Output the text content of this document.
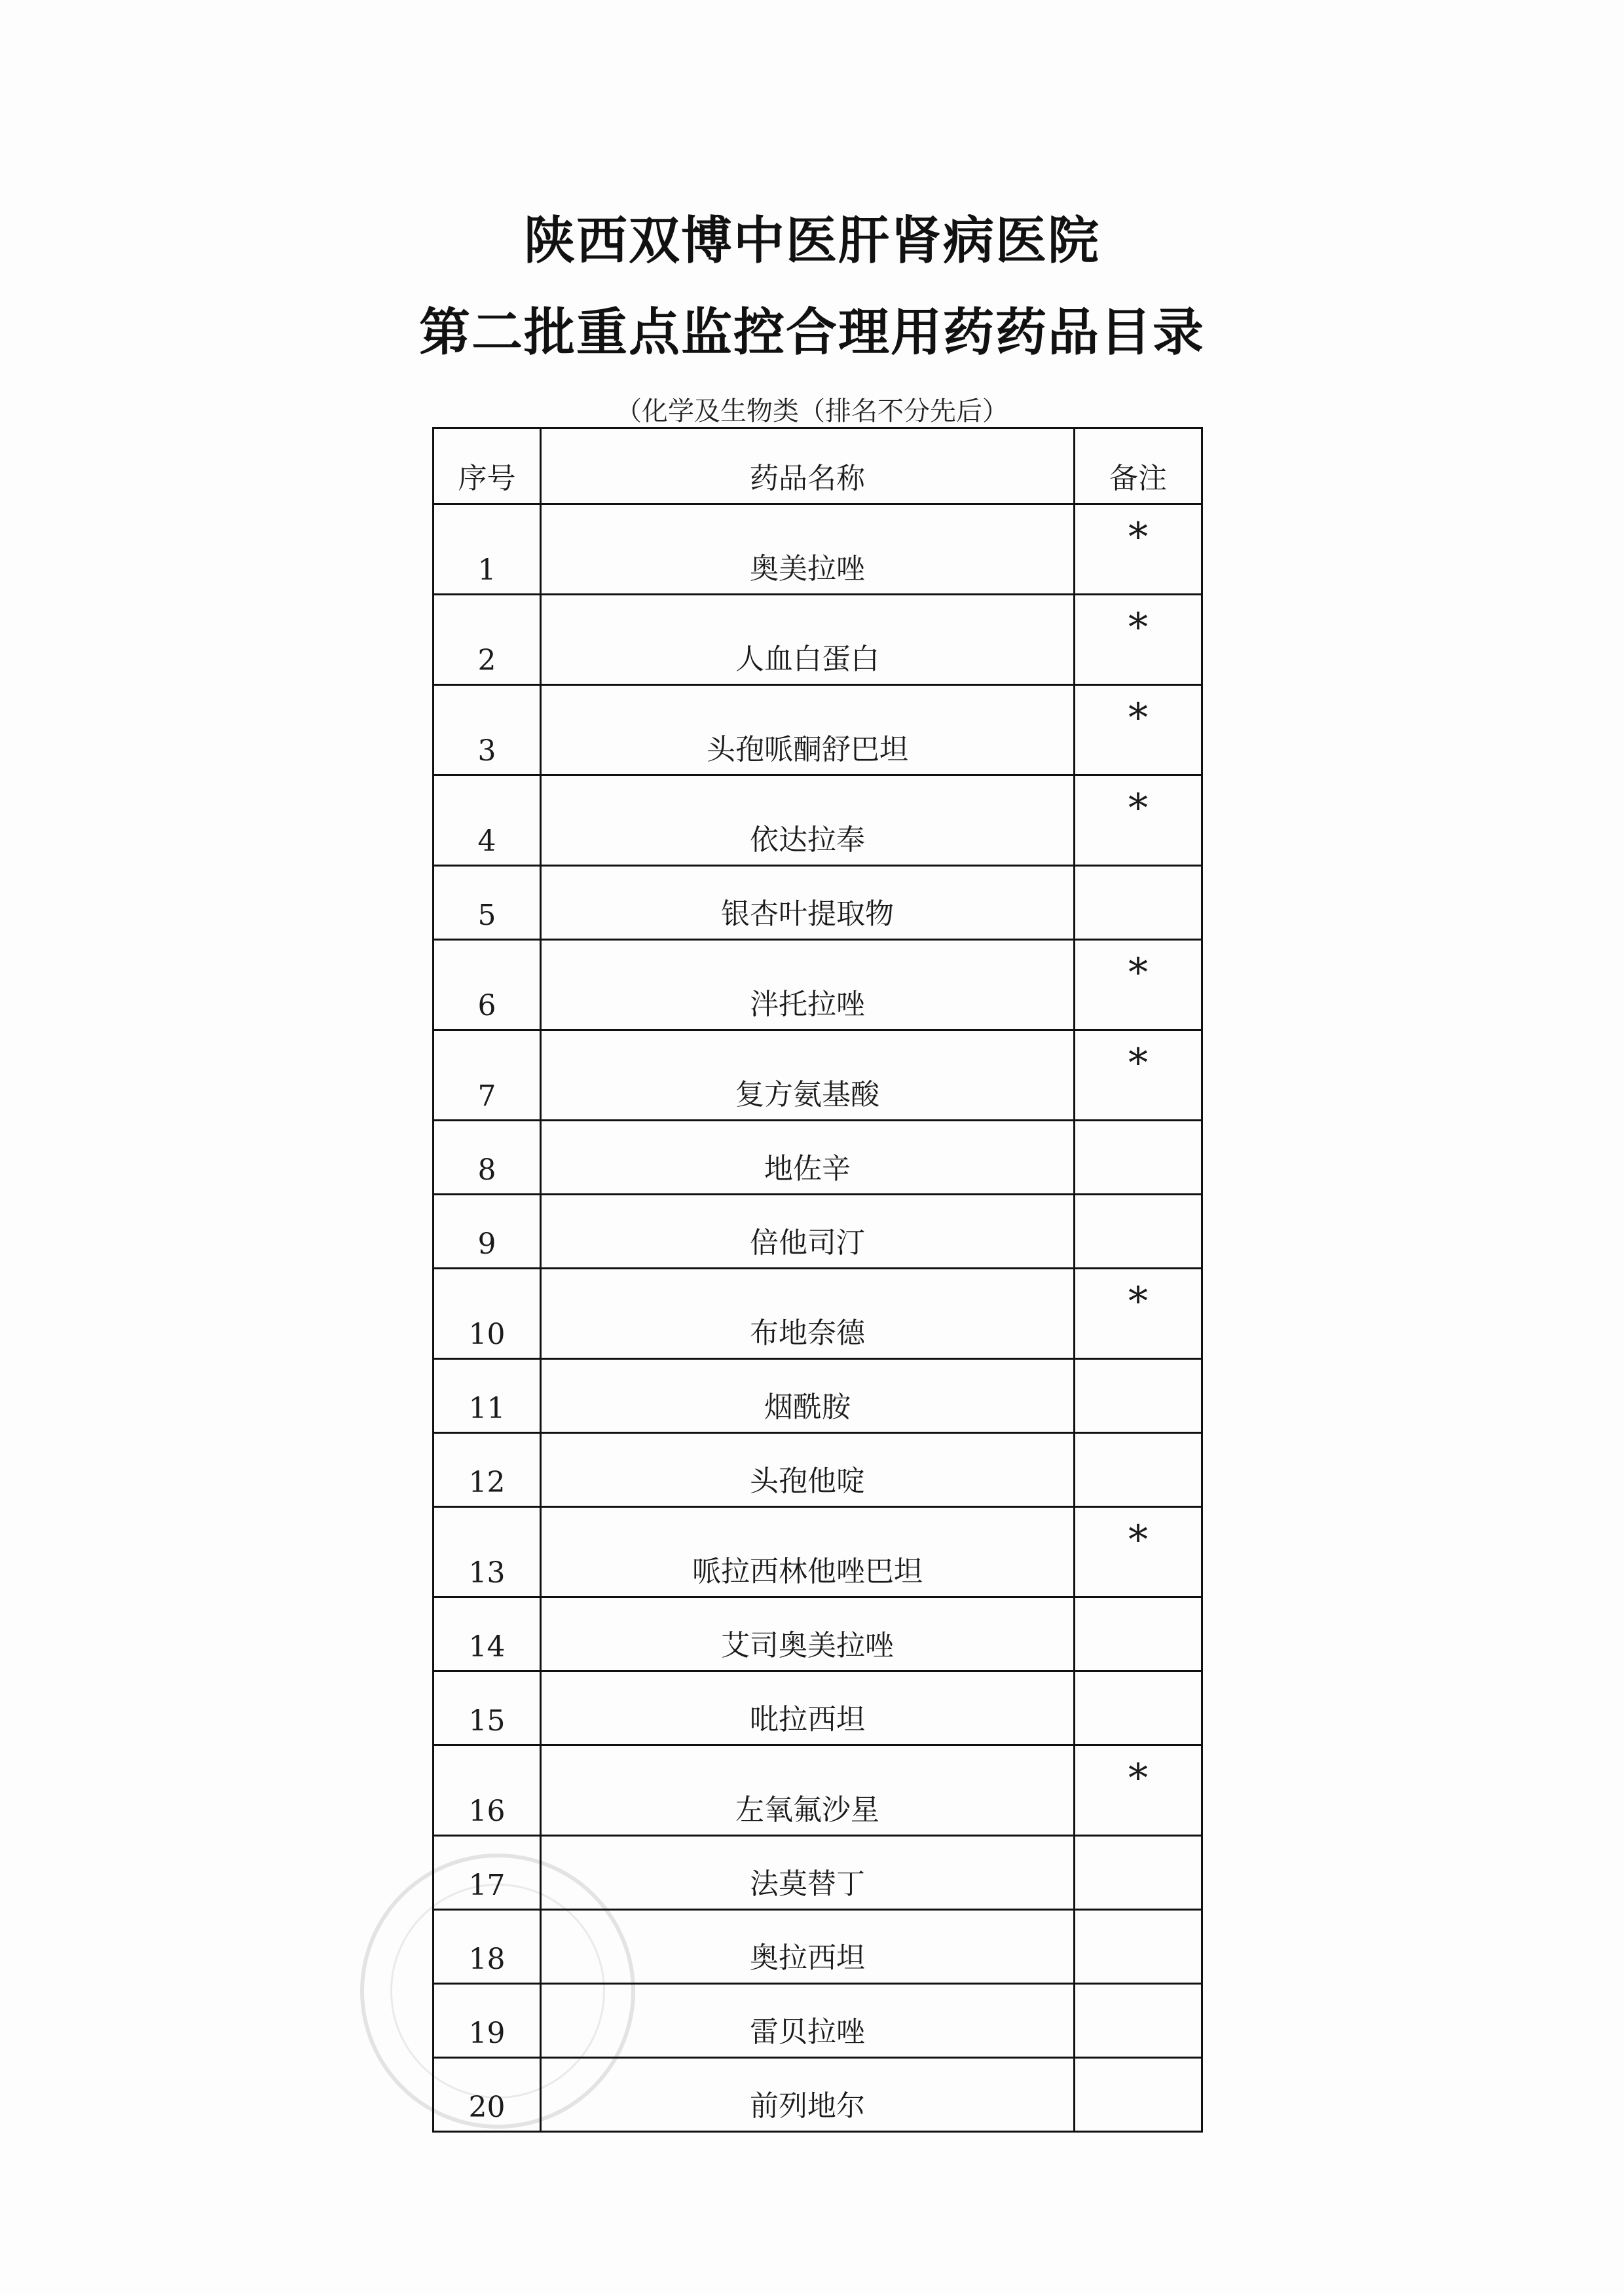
陕西双博中医肝肾病医院
第二批重点监控合理用药药品目录
（化学及生物类（排名不分先后）
序号	药品名称	备注
1	奥美拉唑	*
2	人血白蛋白	*
3	头孢哌酮舒巴坦	*
4	依达拉奉	*
5	银杏叶提取物	
6	泮托拉唑	*
7	复方氨基酸	*
8	地佐辛	
9	倍他司汀	
10	布地奈德	*
11	烟酰胺	
12	头孢他啶	
13	哌拉西林他唑巴坦	*
14	艾司奥美拉唑	
15	吡拉西坦	
16	左氧氟沙星	*
17	法莫替丁	
18	奥拉西坦	
19	雷贝拉唑	
20	前列地尔	
